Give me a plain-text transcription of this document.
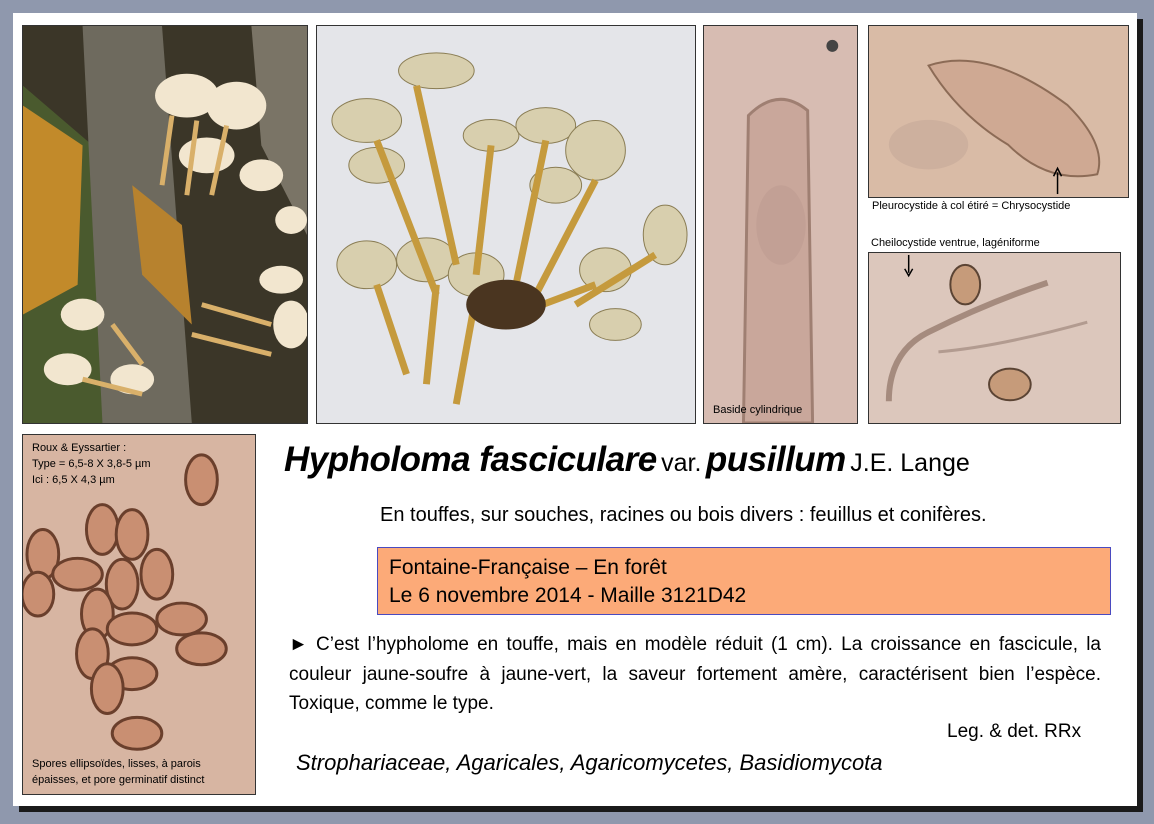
Baside cylindrique
Pleurocystide à col étiré = Chrysocystide
Cheilocystide ventrue, lagéniforme
Roux & Eyssartier :
Type = 6,5-8 X 3,8-5 µm
Ici : 6,5 X 4,3 µm
Spores ellipsoïdes, lisses, à parois
épaisses, et pore germinatif distinct
Hypholoma fasciculare var. pusillum J.E. Lange
En touffes, sur souches, racines ou bois divers : feuillus et conifères.
Fontaine-Française – En forêt
Le 6 novembre 2014 - Maille 3121D42
► C’est l’hypholome en touffe, mais en modèle réduit (1 cm). La croissance en fascicule, la couleur jaune-soufre à jaune-vert, la saveur fortement amère, caractérisent bien l’espèce. Toxique, comme le type.
Leg. & det. RRx
Strophariaceae, Agaricales, Agaricomycetes, Basidiomycota
